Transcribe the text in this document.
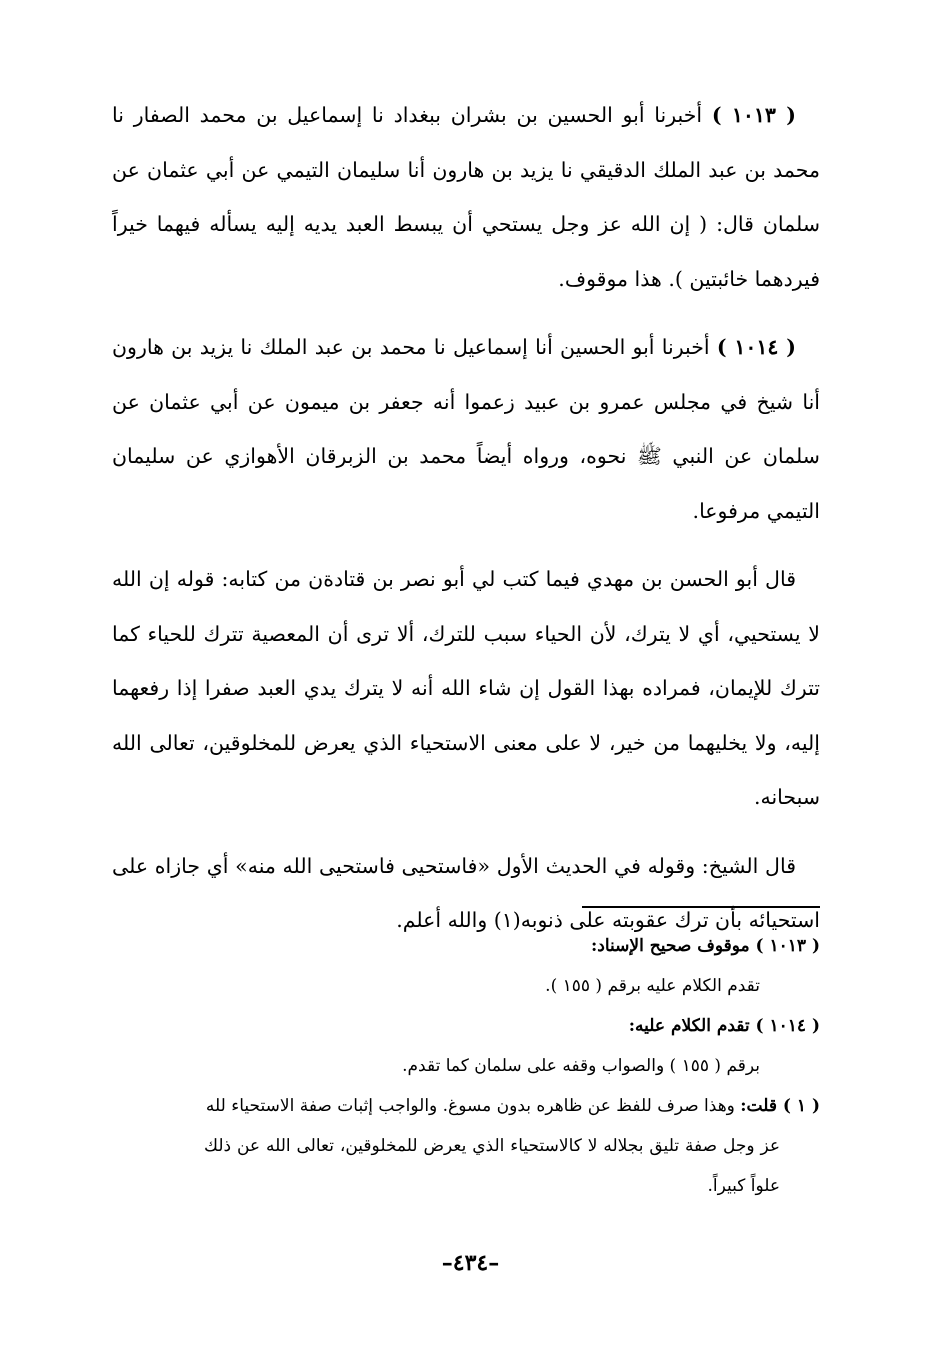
( ١٠١٣ ) أخبرنا أبو الحسين بن بشران ببغداد نا إسماعيل بن محمد الصفار نا محمد بن عبد الملك الدقيقي نا يزيد بن هارون أنا سليمان التيمي عن أبي عثمان عن سلمان قال: ( إن الله عز وجل يستحي أن يبسط العبد يديه إليه يسأله فيهما خيراً فيردهما خائبتين ). هذا موقوف.

( ١٠١٤ ) أخبرنا أبو الحسين أنا إسماعيل نا محمد بن عبد الملك نا يزيد بن هارون أنا شيخ في مجلس عمرو بن عبيد زعموا أنه جعفر بن ميمون عن أبي عثمان عن سلمان عن النبي ﷺ نحوه، ورواه أيضاً محمد بن الزبرقان الأهوازي عن سليمان التيمي مرفوعا.

قال أبو الحسن بن مهدي فيما كتب لي أبو نصر بن قتادةن من كتابه: قوله إن الله لا يستحيي، أي لا يترك، لأن الحياء سبب للترك، ألا ترى أن المعصية تترك للحياء كما تترك للإيمان، فمراده بهذا القول إن شاء الله أنه لا يترك يدي العبد صفرا إذا رفعهما إليه، ولا يخليهما من خير، لا على معنى الاستحياء الذي يعرض للمخلوقين، تعالى الله سبحانه.

قال الشيخ: وقوله في الحديث الأول «فاستحيى فاستحيى الله منه» أي جازاه على استحيائه بأن ترك عقوبته على ذنوبه(١) والله أعلم.

( ١٠١٣ ) موقوف صحيح الإسناد:

تقدم الكلام عليه برقم ( ١٥٥ ).

( ١٠١٤ ) تقدم الكلام عليه:

برقم ( ١٥٥ ) والصواب وقفه على سلمان كما تقدم.

( ١ ) قلت: وهذا صرف للفظ عن ظاهره بدون مسوغ. والواجب إثبات صفة الاستحياء لله

عز وجل صفة تليق بجلاله لا كالاستحياء الذي يعرض للمخلوقين، تعالى الله عن ذلك علواً كبيراً.

–٤٣٤–
